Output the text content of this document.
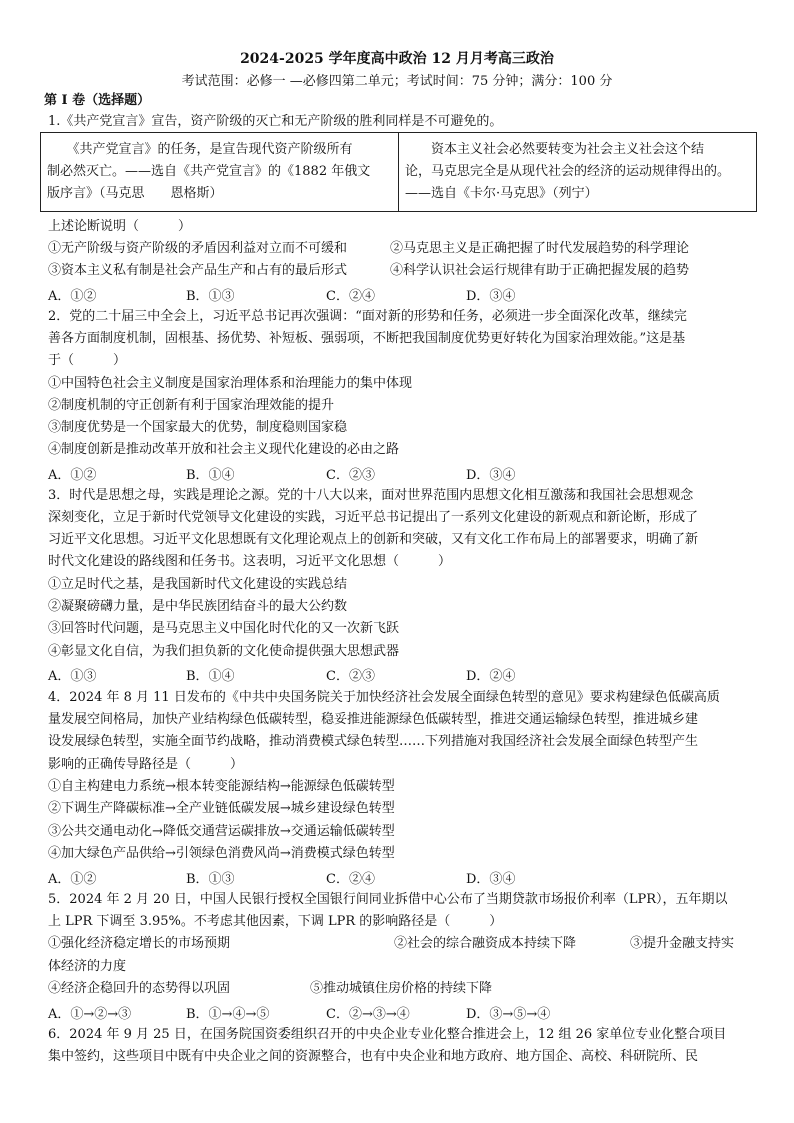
2024-2025 学年度高中政治 12 月月考高三政治
考试范围：必修一 —必修四第二单元；考试时间：75 分钟；满分：100 分
第 I 卷（选择题）
1.《共产党宣言》宣告，资产阶级的灭亡和无产阶级的胜利同样是不可避免的。
　　《共产党宣言》的任务，是宣告现代资产阶级所有
制必然灭亡。——选自《共产党宣言》的《1882 年俄文
版序言》（马克思　　恩格斯）
　　资本主义社会必然要转变为社会主义社会这个结
论，马克思完全是从现代社会的经济的运动规律得出的。
——选自《卡尔·马克思》（列宁）
上述论断说明（　　　）
①无产阶级与资产阶级的矛盾因利益对立而不可缓和	②马克思主义是正确把握了时代发展趋势的科学理论
③资本主义私有制是社会产品生产和占有的最后形式	④科学认识社会运行规律有助于正确把握发展的趋势
A．①②	B．①③	C．②④	D．③④
2．党的二十届三中全会上，习近平总书记再次强调：“面对新的形势和任务，必须进一步全面深化改革，继续完
善各方面制度机制，固根基、扬优势、补短板、强弱项，不断把我国制度优势更好转化为国家治理效能。”这是基
于（　　　）
①中国特色社会主义制度是国家治理体系和治理能力的集中体现
②制度机制的守正创新有利于国家治理效能的提升
③制度优势是一个国家最大的优势，制度稳则国家稳
④制度创新是推动改革开放和社会主义现代化建设的必由之路
A．①②	B．①④	C．②③	D．③④
3．时代是思想之母，实践是理论之源。党的十八大以来，面对世界范围内思想文化相互激荡和我国社会思想观念
深刻变化，立足于新时代党领导文化建设的实践，习近平总书记提出了一系列文化建设的新观点和新论断，形成了
习近平文化思想。习近平文化思想既有文化理论观点上的创新和突破，又有文化工作布局上的部署要求，明确了新
时代文化建设的路线图和任务书。这表明，习近平文化思想（　　　）
①立足时代之基，是我国新时代文化建设的实践总结
②凝聚磅礴力量，是中华民族团结奋斗的最大公约数
③回答时代问题，是马克思主义中国化时代化的又一次新飞跃
④彰显文化自信，为我们担负新的文化使命提供强大思想武器
A．①③	B．①④	C．②③	D．②④
4．2024 年 8 月 11 日发布的《中共中央国务院关于加快经济社会发展全面绿色转型的意见》要求构建绿色低碳高质
量发展空间格局，加快产业结构绿色低碳转型，稳妥推进能源绿色低碳转型，推进交通运输绿色转型，推进城乡建
设发展绿色转型，实施全面节约战略，推动消费模式绿色转型……下列措施对我国经济社会发展全面绿色转型产生
影响的正确传导路径是（　　　）
①自主构建电力系统→根本转变能源结构→能源绿色低碳转型
②下调生产降碳标准→全产业链低碳发展→城乡建设绿色转型
③公共交通电动化→降低交通营运碳排放→交通运输低碳转型
④加大绿色产品供给→引领绿色消费风尚→消费模式绿色转型
A．①②	B．①③	C．②④	D．③④
5．2024 年 2 月 20 日，中国人民银行授权全国银行间同业拆借中心公布了当期贷款市场报价利率（LPR），五年期以
上 LPR 下调至 3.95%。不考虑其他因素，下调 LPR 的影响路径是（　　　）
①强化经济稳定增长的市场预期	②社会的综合融资成本持续下降	③提升金融支持实
体经济的力度
④经济企稳回升的态势得以巩固	⑤推动城镇住房价格的持续下降
A．①→②→③	B．①→④→⑤	C．②→③→④	D．③→⑤→④
6．2024 年 9 月 25 日，在国务院国资委组织召开的中央企业专业化整合推进会上，12 组 26 家单位专业化整合项目
集中签约，这些项目中既有中央企业之间的资源整合，也有中央企业和地方政府、地方国企、高校、科研院所、民
